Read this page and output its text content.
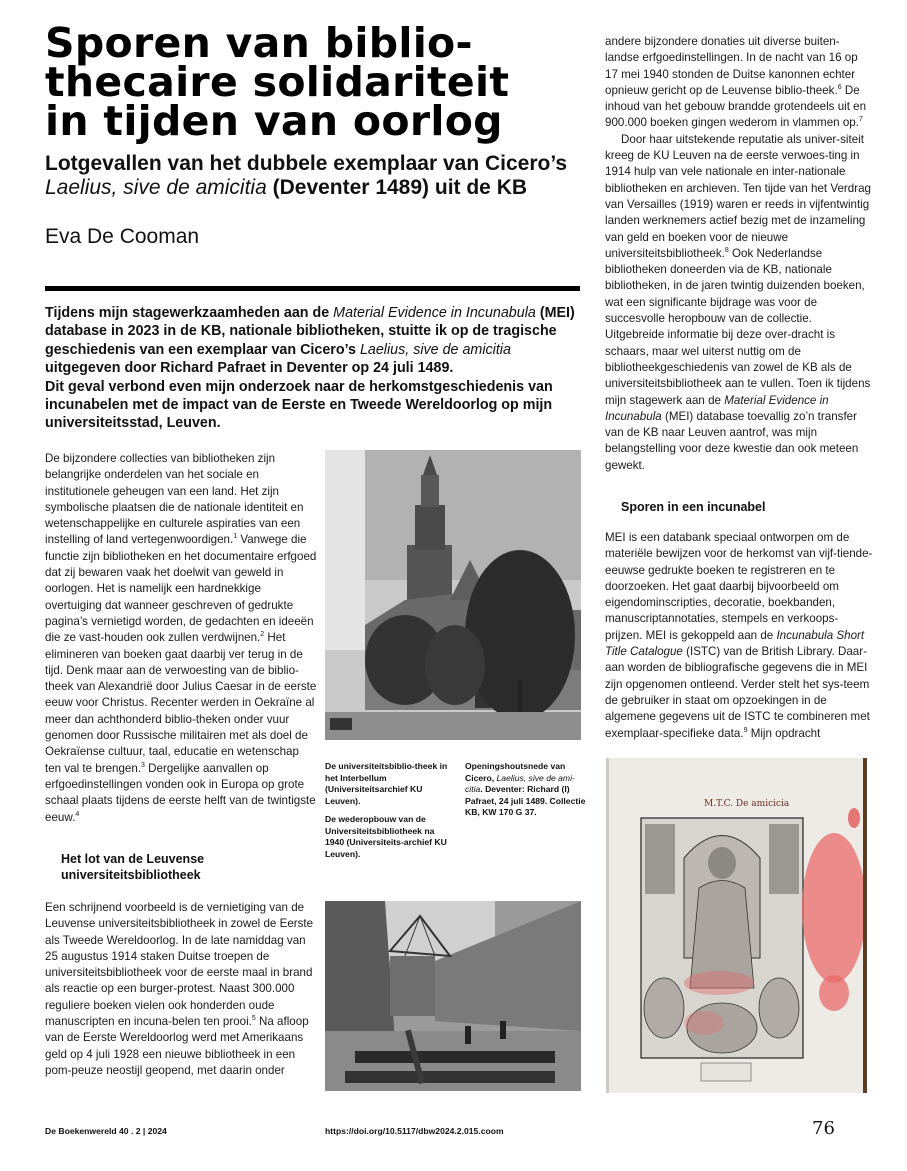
Sporen van biblio-
thecaire solidariteit
in tijden van oorlog
Lotgevallen van het dubbele exemplaar van Cicero’s Laelius, sive de amicitia (Deventer 1489) uit de KB
Eva De Cooman
Tijdens mijn stagewerkzaamheden aan de Material Evidence in Incunabula (MEI) database in 2023 in de KB, nationale bibliotheken, stuitte ik op de tragische geschiedenis van een exemplaar van Cicero’s Laelius, sive de amicitia uitgegeven door Richard Pafraet in Deventer op 24 juli 1489.
Dit geval verbond even mijn onderzoek naar de herkomstgeschiedenis van incunabelen met de impact van de Eerste en Tweede Wereldoorlog op mijn universiteitsstad, Leuven.

De bijzondere collecties van bibliotheken zijn belangrijke onderdelen van het sociale en institutionele geheugen van een land. Het zijn symbolische plaatsen die de nationale identiteit en wetenschappelijke en culturele aspiraties van een instelling of land vertegenwoordigen.$^1$ Vanwege die functie zijn bibliotheken en het documentaire erfgoed dat zij bewaren vaak het doelwit van geweld in oorlogen. Het is namelijk een hardnekkige overtuiging dat wanneer geschreven of gedrukte pagina’s vernietigd worden, de gedachten en ideeën die ze vast-houden ook zullen verdwijnen.$^2$ Het elimineren van boeken gaat daarbij ver terug in de tijd. Denk maar aan de verwoesting van de biblio-theek van Alexandrië door Julius Caesar in de eerste eeuw voor Christus. Recenter werden in Oekraïne al meer dan achthonderd biblio-theken onder vuur genomen door Russische militairen met als doel de Oekraïense cultuur, taal, educatie en wetenschap ten val te brengen.$^3$ Dergelijke aanvallen op erfgoedinstellingen vonden ook in Europa op grote schaal plaats tijdens de eerste helft van de twintigste eeuw.$^4$

Het lot van de Leuvense universiteitsbibliotheek

Een schrijnend voorbeeld is de vernietiging van de Leuvense universiteitsbibliotheek in zowel de Eerste als Tweede Wereldoorlog. In de late namiddag van 25 augustus 1914 staken Duitse troepen de universiteitsbibliotheek voor de eerste maal in brand als reactie op een burger-protest. Naast 300.000 reguliere boeken vielen ook honderden oude manuscripten en incuna-belen ten prooi.$^5$ Na afloop van de Eerste Wereldoorlog werd met Amerikaans geld op 4 juli 1928 een nieuwe bibliotheek in een pom-peuze neostijl geopend, met daarin onder

De universiteitsbiblio-theek in het Interbellum (Universiteitsarchief KU Leuven).
De wederopbouw van de Universiteitsbibliotheek na 1940 (Universiteits-archief KU Leuven).
Openingshoutsnede van Cicero, Laelius, sive de ami-citia. Deventer: Richard (I) Pafraet, 24 juli 1489. Collectie KB, KW 170 G 37.

andere bijzondere donaties uit diverse buiten-landse erfgoedinstellingen. In de nacht van 16 op 17 mei 1940 stonden de Duitse kanonnen echter opnieuw gericht op de Leuvense biblio-theek.$^6$ De inhoud van het gebouw brandde grotendeels uit en 900.000 boeken gingen wederom in vlammen op.$^7$

Door haar uitstekende reputatie als univer-siteit kreeg de KU Leuven na de eerste verwoes-ting in 1914 hulp van vele nationale en inter-nationale bibliotheken en archieven. Ten tijde van het Verdrag van Versailles (1919) waren er reeds in vijfentwintig landen werknemers actief bezig met de inzameling van geld en boeken voor de nieuwe universiteitsbibliotheek.$^8$ Ook Nederlandse bibliotheken doneerden via de KB, nationale bibliotheken, in de jaren twintig duizenden boeken, wat een significante bijdrage was voor de succesvolle heropbouw van de collectie. Uitgebreide informatie bij deze over-dracht is schaars, maar wel uiterst nuttig om de bibliotheekgeschiedenis van zowel de KB als de universiteitsbibliotheek aan te vullen. Toen ik tijdens mijn stagewerk aan de Material Evidence in Incunabula (MEI) database toevallig zo’n transfer van de KB naar Leuven aantrof, was mijn belangstelling voor deze kwestie dan ook meteen gewekt.

Sporen in een incunabel

MEI is een databank speciaal ontworpen om de materiële bewijzen voor de herkomst van vijf-tiende-eeuwse gedrukte boeken te registreren en te doorzoeken. Het gaat daarbij bijvoorbeeld om eigendominscripties, decoratie, boekbanden, manuscriptannotaties, stempels en verkoops-prijzen. MEI is gekoppeld aan de Incunabula Short Title Catalogue (ISTC) van de British Library. Daar-aan worden de bibliografische gegevens die in MEI zijn opgenomen ontleend. Verder stelt het sys-teem de gebruiker in staat om opzoekingen in de algemene gegevens uit de ISTC te combineren met exemplaar-specifieke data.$^9$ Mijn opdracht

M.T.C. De amicicia
De Boekenwereld 40 . 2 | 2024	https://doi.org/10.5117/dbw2024.2.015.coom	76
